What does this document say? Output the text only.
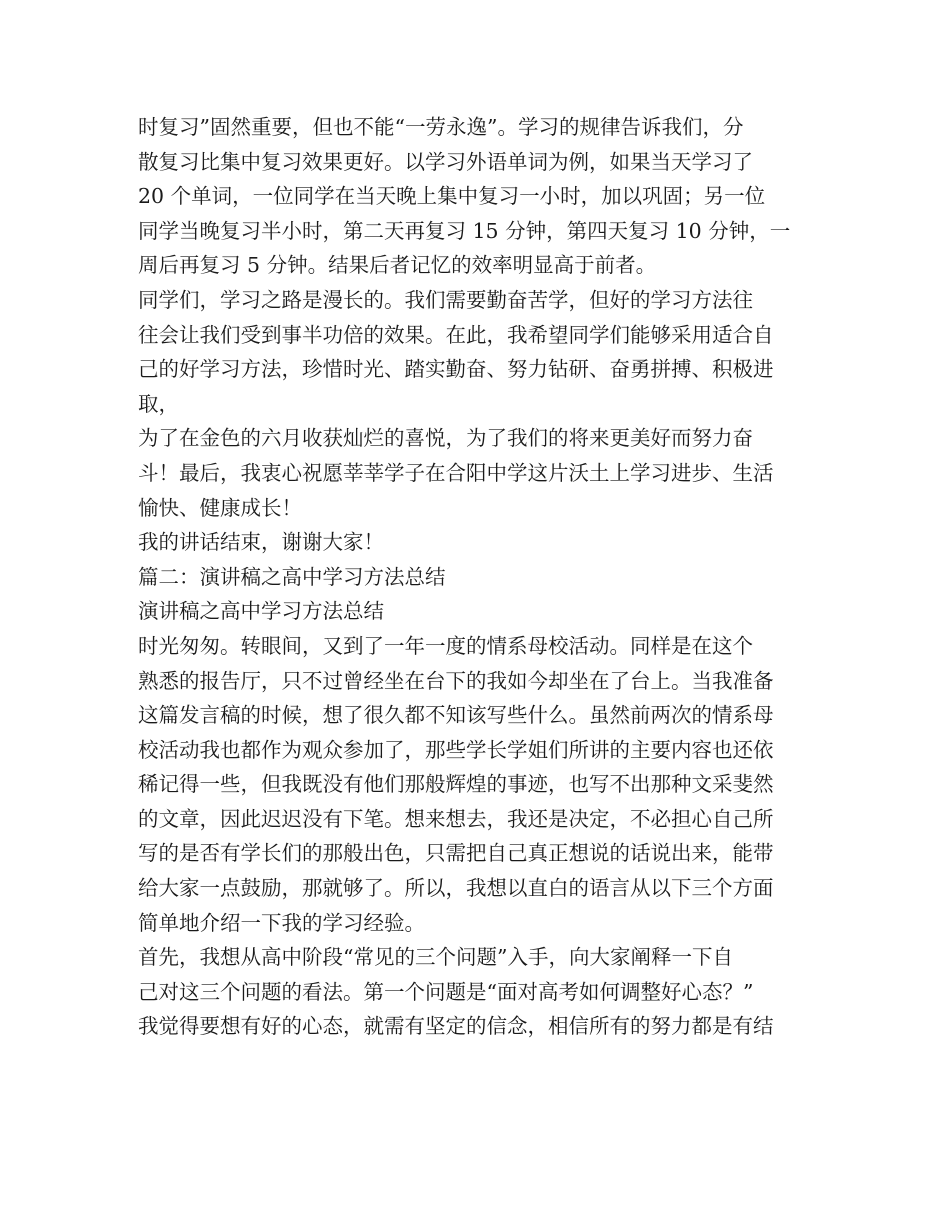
时复习”固然重要，但也不能“一劳永逸”。学习的规律告诉我们，分
散复习比集中复习效果更好。以学习外语单词为例，如果当天学习了
20 个单词，一位同学在当天晚上集中复习一小时，加以巩固；另一位
同学当晚复习半小时，第二天再复习 15 分钟，第四天复习 10 分钟，一
周后再复习 5 分钟。结果后者记忆的效率明显高于前者。
同学们，学习之路是漫长的。我们需要勤奋苦学，但好的学习方法往
往会让我们受到事半功倍的效果。在此，我希望同学们能够采用适合自
己的好学习方法，珍惜时光、踏实勤奋、努力钻研、奋勇拼搏、积极进
取，
为了在金色的六月收获灿烂的喜悦，为了我们的将来更美好而努力奋
斗！最后，我衷心祝愿莘莘学子在合阳中学这片沃土上学习进步、生活
愉快、健康成长！
我的讲话结束，谢谢大家！
篇二：演讲稿之高中学习方法总结
演讲稿之高中学习方法总结
时光匆匆。转眼间，又到了一年一度的情系母校活动。同样是在这个
熟悉的报告厅，只不过曾经坐在台下的我如今却坐在了台上。当我准备
这篇发言稿的时候，想了很久都不知该写些什么。虽然前两次的情系母
校活动我也都作为观众参加了，那些学长学姐们所讲的主要内容也还依
稀记得一些，但我既没有他们那般辉煌的事迹，也写不出那种文采斐然
的文章，因此迟迟没有下笔。想来想去，我还是决定，不必担心自己所
写的是否有学长们的那般出色，只需把自己真正想说的话说出来，能带
给大家一点鼓励，那就够了。所以，我想以直白的语言从以下三个方面
简单地介绍一下我的学习经验。
首先，我想从高中阶段“常见的三个问题”入手，向大家阐释一下自
己对这三个问题的看法。第一个问题是“面对高考如何调整好心态？”
我觉得要想有好的心态，就需有坚定的信念，相信所有的努力都是有结
